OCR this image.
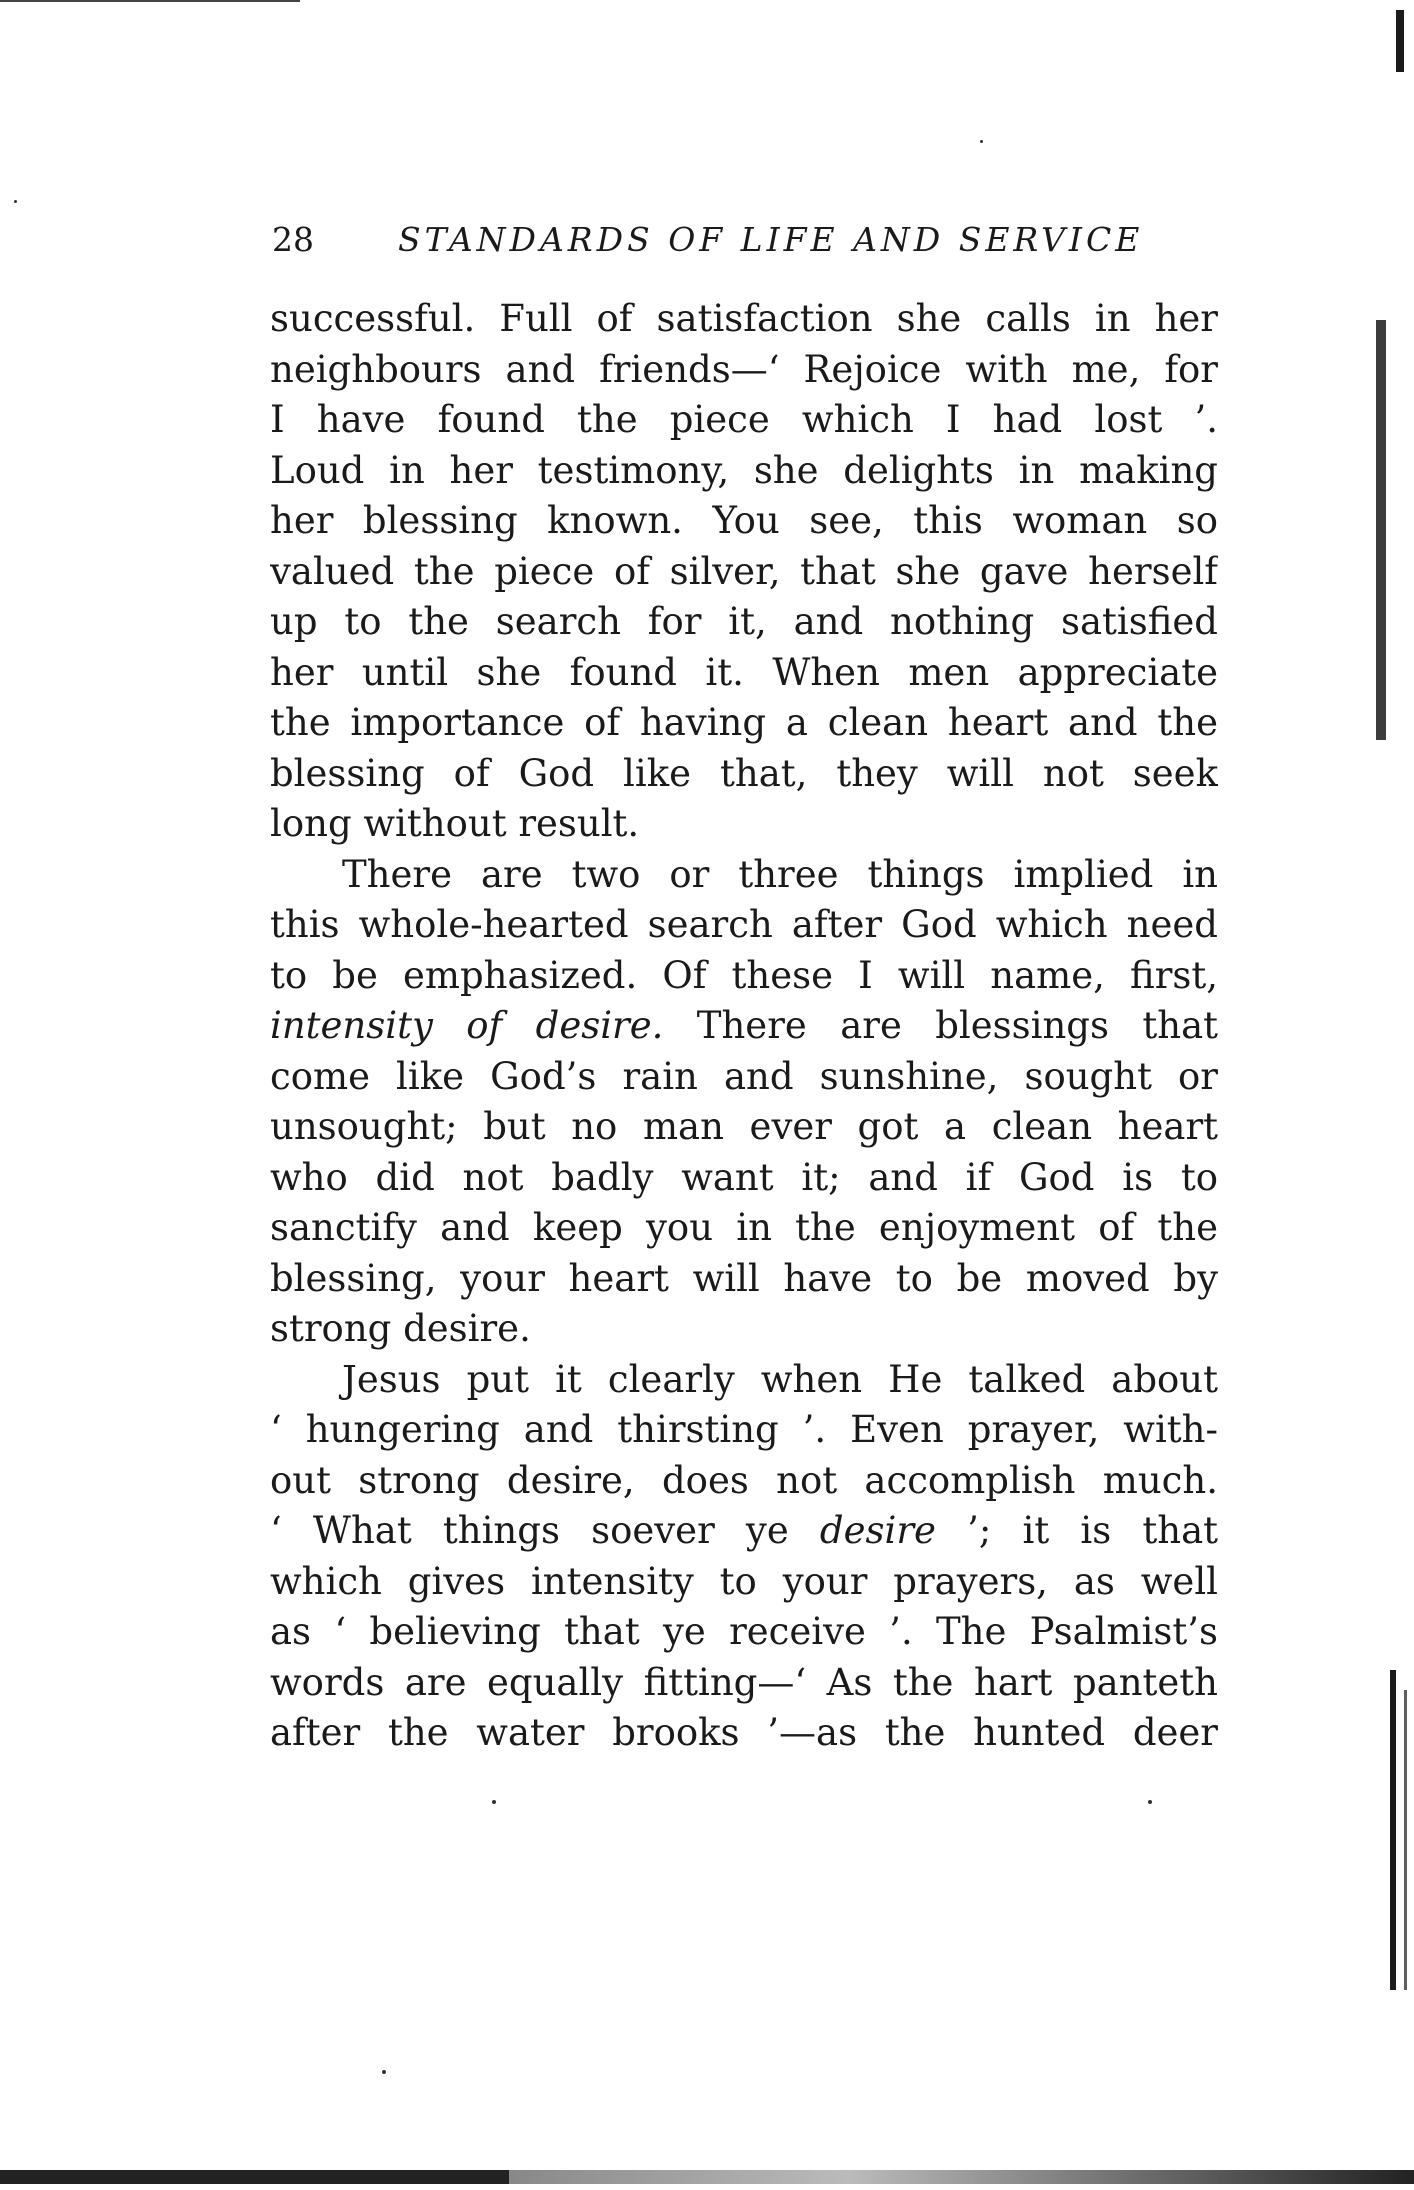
28	STANDARDS OF LIFE AND SERVICE
successful. Full of satisfaction she calls in her
neighbours and friends—‘ Rejoice with me, for
I have found the piece which I had lost ’.
Loud in her testimony, she delights in making
her blessing known. You see, this woman so
valued the piece of silver, that she gave herself
up to the search for it, and nothing satisfied
her until she found it. When men appreciate
the importance of having a clean heart and the
blessing of God like that, they will not seek
long without result.
There are two or three things implied in
this whole-hearted search after God which need
to be emphasized. Of these I will name, first,
intensity of desire. There are blessings that
come like God’s rain and sunshine, sought or
unsought; but no man ever got a clean heart
who did not badly want it; and if God is to
sanctify and keep you in the enjoyment of the
blessing, your heart will have to be moved by
strong desire.
Jesus put it clearly when He talked about
‘ hungering and thirsting ’. Even prayer, with-
out strong desire, does not accomplish much.
‘ What things soever ye desire ’; it is that
which gives intensity to your prayers, as well
as ‘ believing that ye receive ’. The Psalmist’s
words are equally fitting—‘ As the hart panteth
after the water brooks ’—as the hunted deer
